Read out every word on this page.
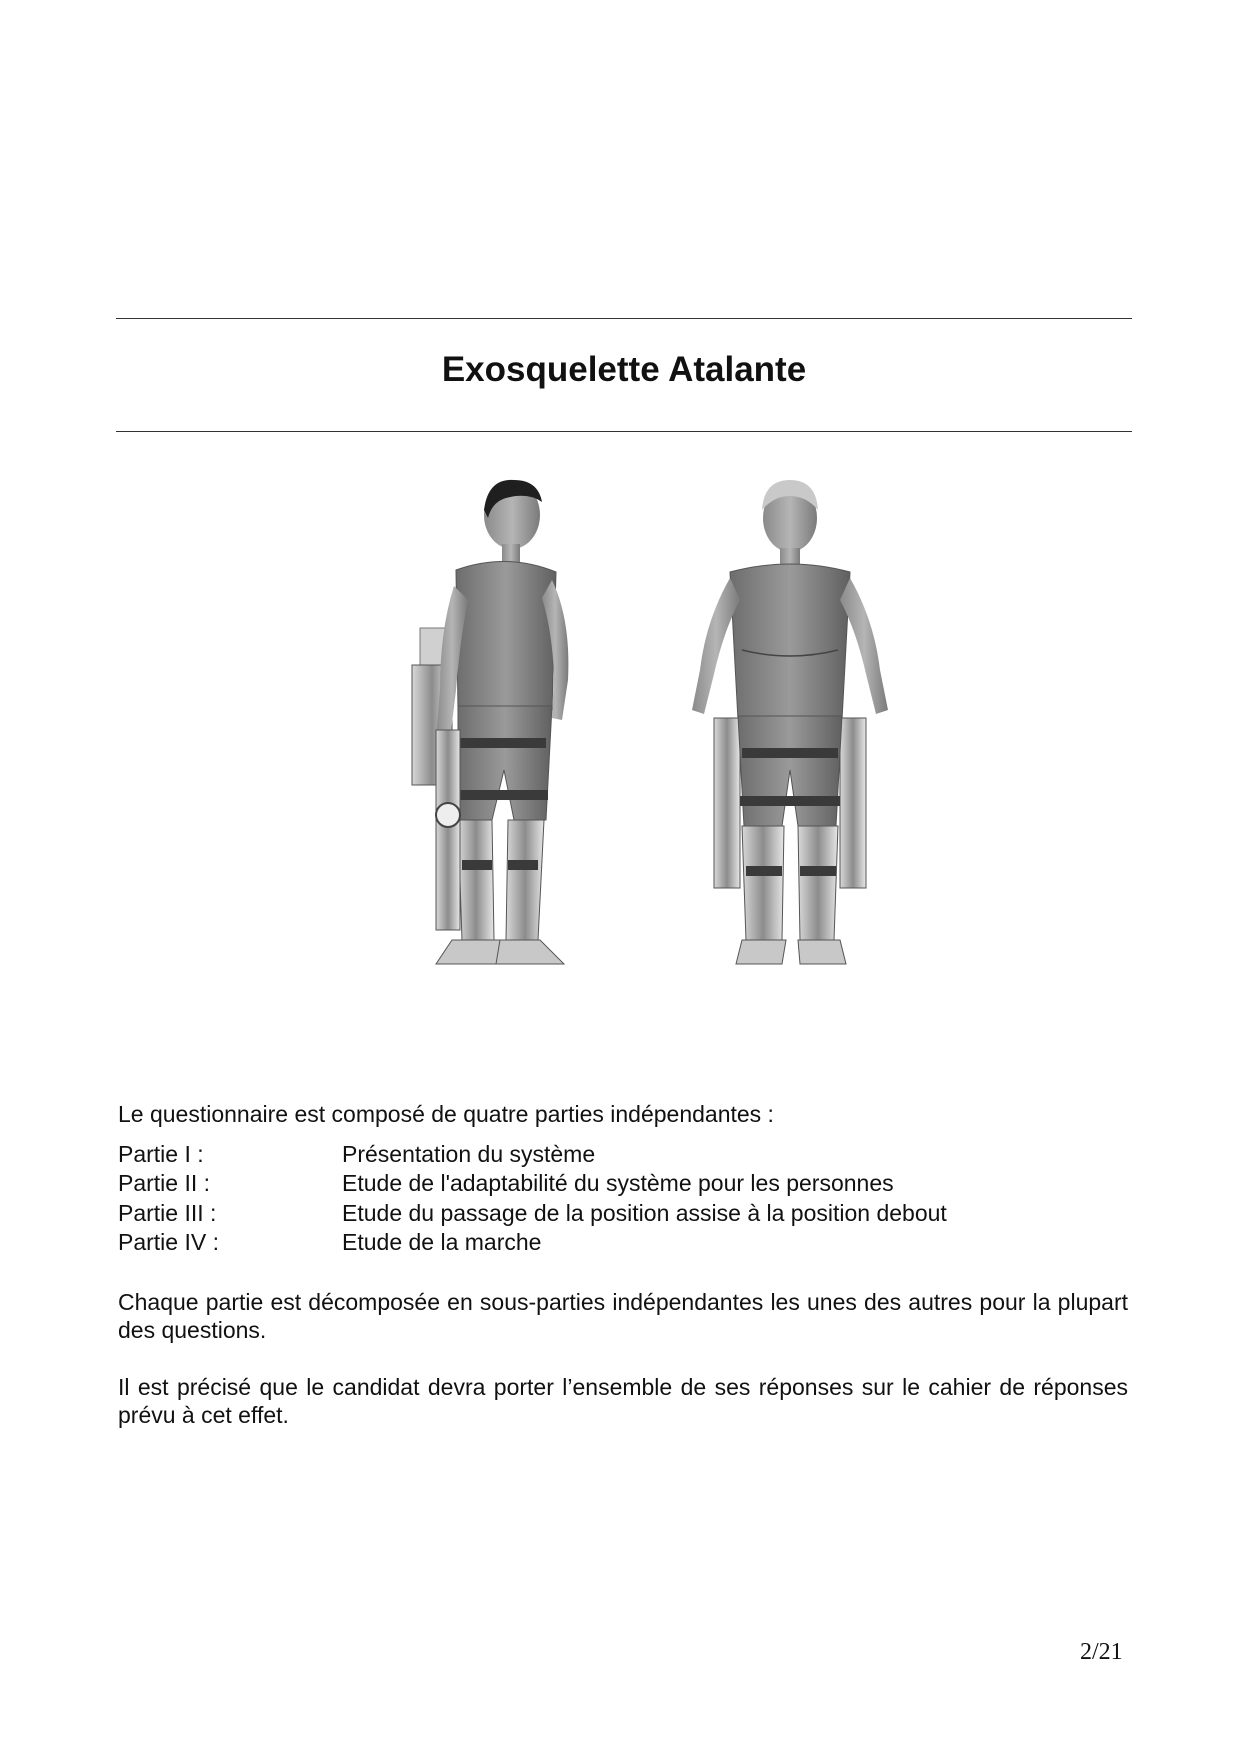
Exosquelette Atalante
Le questionnaire est composé de quatre parties indépendantes :
Partie I :	Présentation du système
Partie II :	Etude de l'adaptabilité du système pour les personnes
Partie III :	Etude du passage de la position assise à la position debout
Partie IV :	Etude de la marche
Chaque partie est décomposée en sous-parties indépendantes les unes des autres pour la plupart des questions.
Il est précisé que le candidat devra porter l’ensemble de ses réponses sur le cahier de réponses prévu à cet effet.
2/21
